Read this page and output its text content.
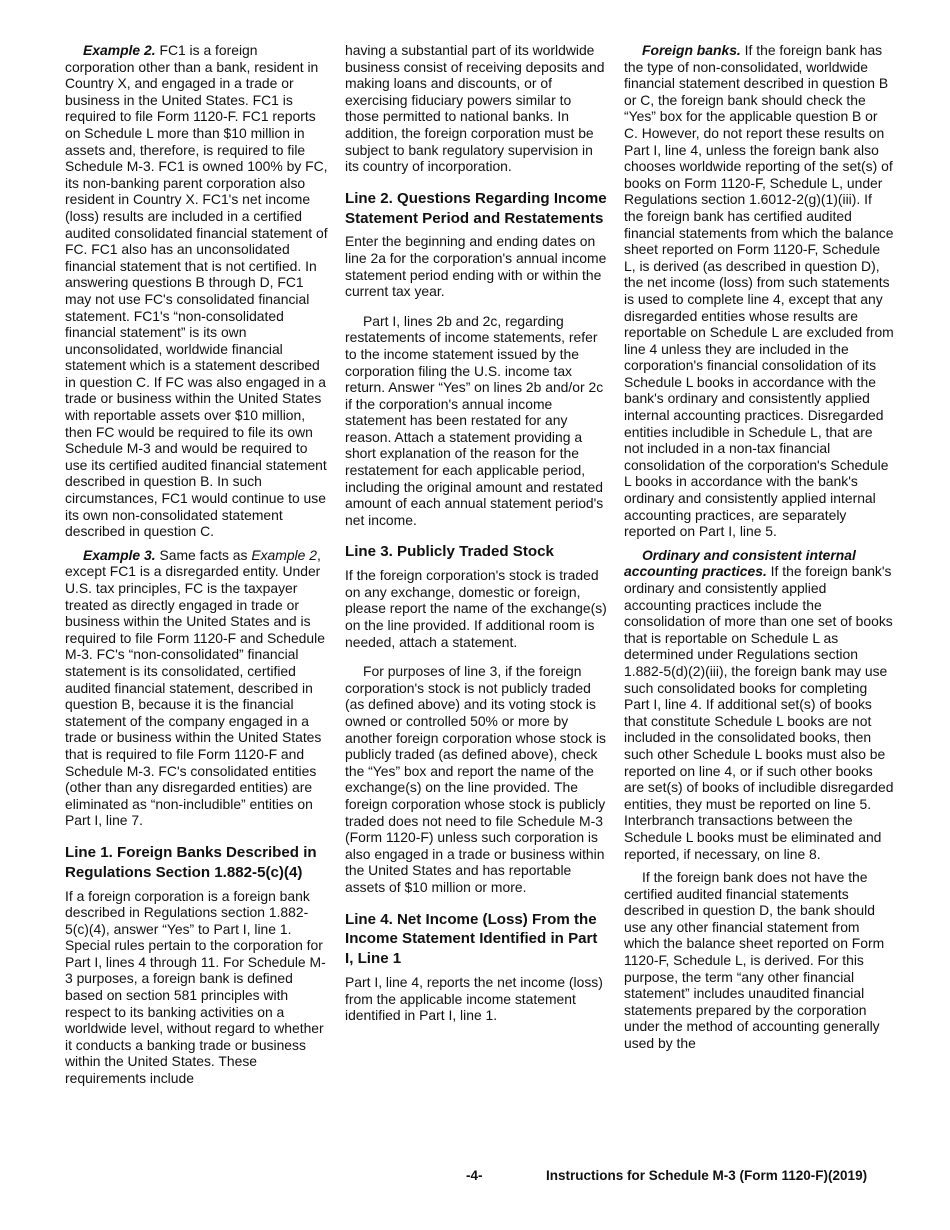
Example 2. FC1 is a foreign corporation other than a bank, resident in Country X, and engaged in a trade or business in the United States. FC1 is required to file Form 1120-F. FC1 reports on Schedule L more than $10 million in assets and, therefore, is required to file Schedule M-3. FC1 is owned 100% by FC, its non-banking parent corporation also resident in Country X. FC1's net income (loss) results are included in a certified audited consolidated financial statement of FC. FC1 also has an unconsolidated financial statement that is not certified. In answering questions B through D, FC1 may not use FC's consolidated financial statement. FC1's “non-consolidated financial statement” is its own unconsolidated, worldwide financial statement which is a statement described in question C. If FC was also engaged in a trade or business within the United States with reportable assets over $10 million, then FC would be required to file its own Schedule M-3 and would be required to use its certified audited financial statement described in question B. In such circumstances, FC1 would continue to use its own non-consolidated statement described in question C.

Example 3. Same facts as Example 2, except FC1 is a disregarded entity. Under U.S. tax principles, FC is the taxpayer treated as directly engaged in trade or business within the United States and is required to file Form 1120-F and Schedule M-3. FC's “non-consolidated” financial statement is its consolidated, certified audited financial statement, described in question B, because it is the financial statement of the company engaged in a trade or business within the United States that is required to file Form 1120-F and Schedule M-3. FC's consolidated entities (other than any disregarded entities) are eliminated as “non-includible” entities on Part I, line 7.

Line 1. Foreign Banks Described in Regulations Section 1.882-5(c)(4)

If a foreign corporation is a foreign bank described in Regulations section 1.882-5(c)(4), answer “Yes” to Part I, line 1. Special rules pertain to the corporation for Part I, lines 4 through 11. For Schedule M-3 purposes, a foreign bank is defined based on section 581 principles with respect to its banking activities on a worldwide level, without regard to whether it conducts a banking trade or business within the United States. These requirements include

having a substantial part of its worldwide business consist of receiving deposits and making loans and discounts, or of exercising fiduciary powers similar to those permitted to national banks. In addition, the foreign corporation must be subject to bank regulatory supervision in its country of incorporation.

Line 2. Questions Regarding Income Statement Period and Restatements

Enter the beginning and ending dates on line 2a for the corporation's annual income statement period ending with or within the current tax year.

Part I, lines 2b and 2c, regarding restatements of income statements, refer to the income statement issued by the corporation filing the U.S. income tax return. Answer “Yes” on lines 2b and/or 2c if the corporation's annual income statement has been restated for any reason. Attach a statement providing a short explanation of the reason for the restatement for each applicable period, including the original amount and restated amount of each annual statement period's net income.

Line 3. Publicly Traded Stock

If the foreign corporation's stock is traded on any exchange, domestic or foreign, please report the name of the exchange(s) on the line provided. If additional room is needed, attach a statement.

For purposes of line 3, if the foreign corporation's stock is not publicly traded (as defined above) and its voting stock is owned or controlled 50% or more by another foreign corporation whose stock is publicly traded (as defined above), check the “Yes” box and report the name of the exchange(s) on the line provided. The foreign corporation whose stock is publicly traded does not need to file Schedule M-3 (Form 1120-F) unless such corporation is also engaged in a trade or business within the United States and has reportable assets of $10 million or more.

Line 4. Net Income (Loss) From the Income Statement Identified in Part I, Line 1

Part I, line 4, reports the net income (loss) from the applicable income statement identified in Part I, line 1.

Foreign banks. If the foreign bank has the type of non-consolidated, worldwide financial statement described in question B or C, the foreign bank should check the “Yes” box for the applicable question B or C. However, do not report these results on Part I, line 4, unless the foreign bank also chooses worldwide reporting of the set(s) of books on Form 1120-F, Schedule L, under Regulations section 1.6012-2(g)(1)(iii). If the foreign bank has certified audited financial statements from which the balance sheet reported on Form 1120-F, Schedule L, is derived (as described in question D), the net income (loss) from such statements is used to complete line 4, except that any disregarded entities whose results are reportable on Schedule L are excluded from line 4 unless they are included in the corporation's financial consolidation of its Schedule L books in accordance with the bank's ordinary and consistently applied internal accounting practices. Disregarded entities includible in Schedule L, that are not included in a non-tax financial consolidation of the corporation's Schedule L books in accordance with the bank's ordinary and consistently applied internal accounting practices, are separately reported on Part I, line 5.

Ordinary and consistent internal accounting practices. If the foreign bank's ordinary and consistently applied accounting practices include the consolidation of more than one set of books that is reportable on Schedule L as determined under Regulations section 1.882-5(d)(2)(iii), the foreign bank may use such consolidated books for completing Part I, line 4. If additional set(s) of books that constitute Schedule L books are not included in the consolidated books, then such other Schedule L books must also be reported on line 4, or if such other books are set(s) of books of includible disregarded entities, they must be reported on line 5. Interbranch transactions between the Schedule L books must be eliminated and reported, if necessary, on line 8.

If the foreign bank does not have the certified audited financial statements described in question D, the bank should use any other financial statement from which the balance sheet reported on Form 1120-F, Schedule L, is derived. For this purpose, the term “any other financial statement” includes unaudited financial statements prepared by the corporation under the method of accounting generally used by the

-4-	Instructions for Schedule M-3 (Form 1120-F)(2019)
